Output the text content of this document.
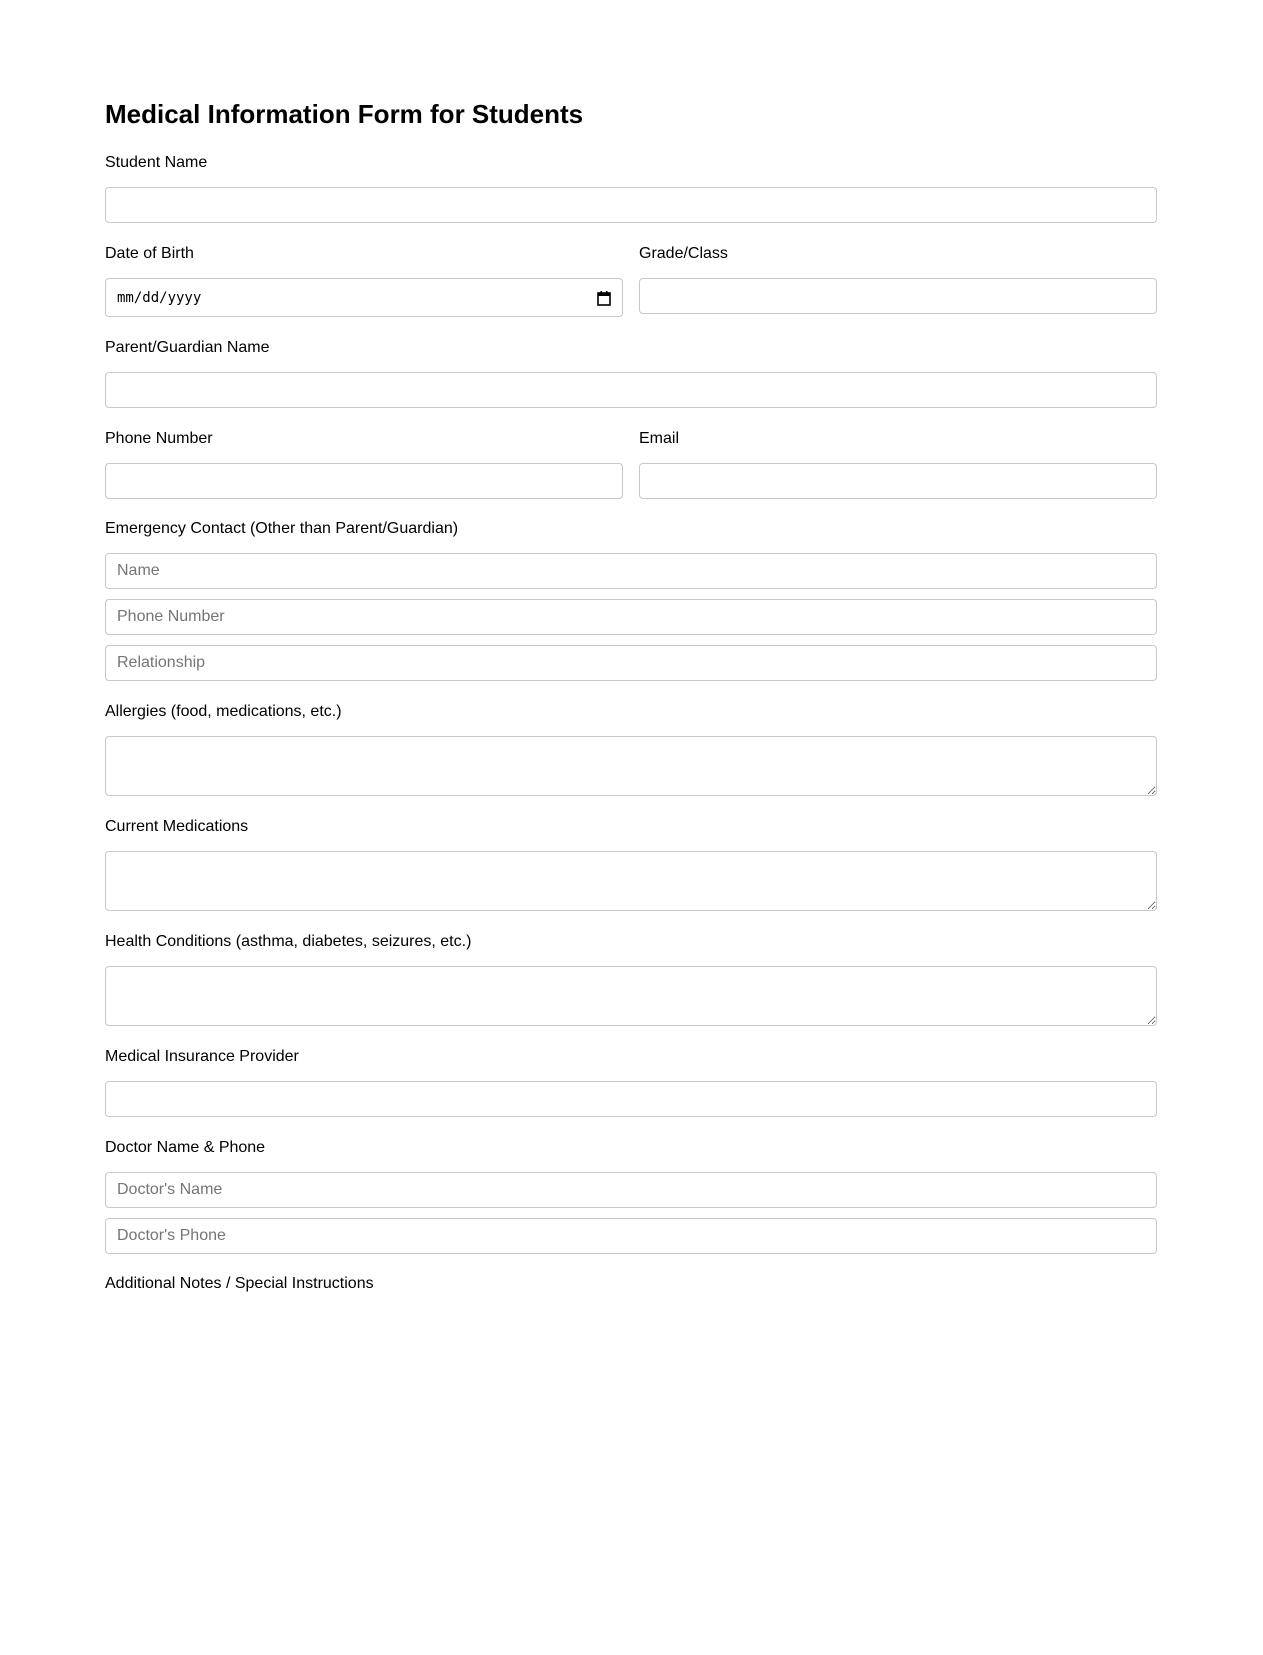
Medical Information Form for Students
Student Name
Date of Birth	Grade/Class
mm/dd/yyyy
Parent/Guardian Name
Phone Number	Email
Emergency Contact (Other than Parent/Guardian)
Name
Phone Number
Relationship
Allergies (food, medications, etc.)
Current Medications
Health Conditions (asthma, diabetes, seizures, etc.)
Medical Insurance Provider
Doctor Name & Phone
Doctor's Name
Doctor's Phone
Additional Notes / Special Instructions
